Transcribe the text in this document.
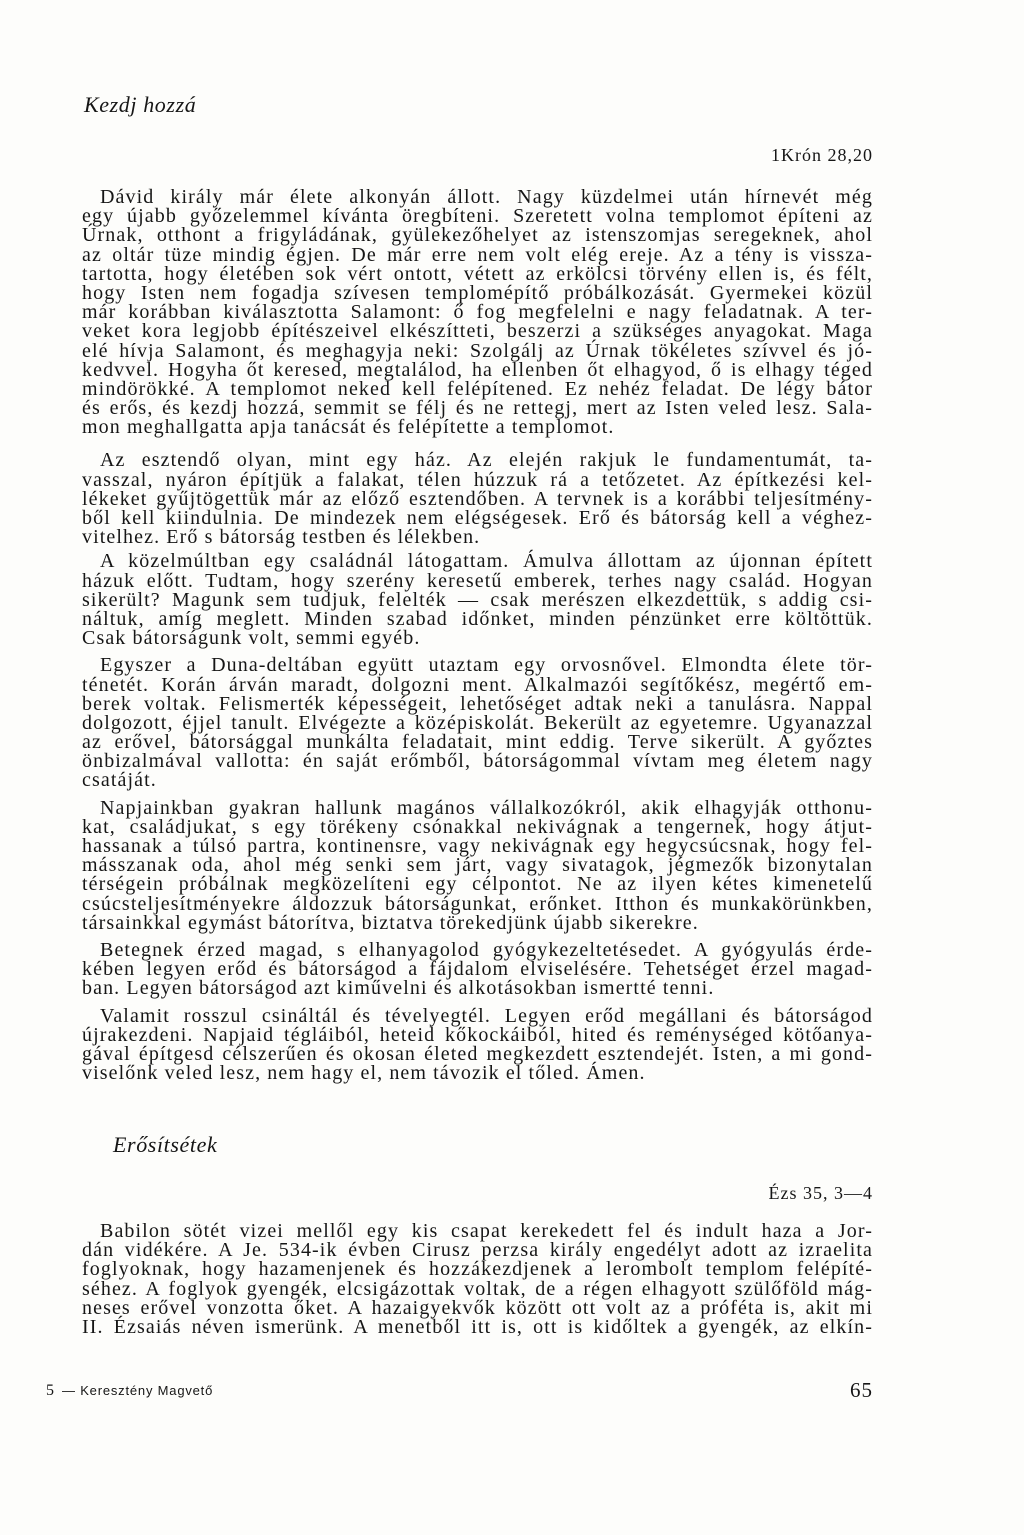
Kezdj hozzá
1Krón 28,20
Dávid király már élete alkonyán állott. Nagy küzdelmei után hírnevét még
egy újabb győzelemmel kívánta öregbíteni. Szeretett volna templomot építeni az
Úrnak, otthont a frigyládának, gyülekezőhelyet az istenszomjas seregeknek, ahol
az oltár tüze mindig égjen. De már erre nem volt elég ereje. Az a tény is vissza-
tartotta, hogy életében sok vért ontott, vétett az erkölcsi törvény ellen is, és félt,
hogy Isten nem fogadja szívesen templomépítő próbálkozását. Gyermekei közül
már korábban kiválasztotta Salamont: ő fog megfelelni e nagy feladatnak. A ter-
veket kora legjobb építészeivel elkészítteti, beszerzi a szükséges anyagokat. Maga
elé hívja Salamont, és meghagyja neki: Szolgálj az Úrnak tökéletes szívvel és jó-
kedvvel. Hogyha őt keresed, megtalálod, ha ellenben őt elhagyod, ő is elhagy téged
mindörökké. A templomot neked kell felépítened. Ez nehéz feladat. De légy bátor
és erős, és kezdj hozzá, semmit se félj és ne rettegj, mert az Isten veled lesz. Sala-
mon meghallgatta apja tanácsát és felépítette a templomot.
Az esztendő olyan, mint egy ház. Az elején rakjuk le fundamentumát, ta-
vasszal, nyáron építjük a falakat, télen húzzuk rá a tetőzetet. Az építkezési kel-
lékeket gyűjtögettük már az előző esztendőben. A tervnek is a korábbi teljesítmény-
ből kell kiindulnia. De mindezek nem elégségesek. Erő és bátorság kell a véghez-
vitelhez. Erő s bátorság testben és lélekben.
A közelmúltban egy családnál látogattam. Ámulva állottam az újonnan épített
házuk előtt. Tudtam, hogy szerény keresetű emberek, terhes nagy család. Hogyan
sikerült? Magunk sem tudjuk, felelték — csak merészen elkezdettük, s addig csi-
náltuk, amíg meglett. Minden szabad időnket, minden pénzünket erre költöttük.
Csak bátorságunk volt, semmi egyéb.
Egyszer a Duna-deltában együtt utaztam egy orvosnővel. Elmondta élete tör-
ténetét. Korán árván maradt, dolgozni ment. Alkalmazói segítőkész, megértő em-
berek voltak. Felismerték képességeit, lehetőséget adtak neki a tanulásra. Nappal
dolgozott, éjjel tanult. Elvégezte a középiskolát. Bekerült az egyetemre. Ugyanazzal
az erővel, bátorsággal munkálta feladatait, mint eddig. Terve sikerült. A győztes
önbizalmával vallotta: én saját erőmből, bátorságommal vívtam meg életem nagy
csatáját.
Napjainkban gyakran hallunk magános vállalkozókról, akik elhagyják otthonu-
kat, családjukat, s egy törékeny csónakkal nekivágnak a tengernek, hogy átjut-
hassanak a túlsó partra, kontinensre, vagy nekivágnak egy hegycsúcsnak, hogy fel-
másszanak oda, ahol még senki sem járt, vagy sivatagok, jégmezők bizonytalan
térségein próbálnak megközelíteni egy célpontot. Ne az ilyen kétes kimenetelű
csúcsteljesítményekre áldozzuk bátorságunkat, erőnket. Itthon és munkakörünkben,
társainkkal egymást bátorítva, biztatva törekedjünk újabb sikerekre.
Betegnek érzed magad, s elhanyagolod gyógykezeltetésedet. A gyógyulás érde-
kében legyen erőd és bátorságod a fájdalom elviselésére. Tehetséget érzel magad-
ban. Legyen bátorságod azt kiművelni és alkotásokban ismertté tenni.
Valamit rosszul csináltál és tévelyegtél. Legyen erőd megállani és bátorságod
újrakezdeni. Napjaid tégláiból, heteid kőkockáiból, hited és reménységed kötőanya-
gával építgesd célszerűen és okosan életed megkezdett esztendejét. Isten, a mi gond-
viselőnk veled lesz, nem hagy el, nem távozik el tőled. Ámen.
Erősítsétek
Ézs 35, 3—4
Babilon sötét vizei mellől egy kis csapat kerekedett fel és indult haza a Jor-
dán vidékére. A Je. 534-ik évben Cirusz perzsa király engedélyt adott az izraelita
foglyoknak, hogy hazamenjenek és hozzákezdjenek a lerombolt templom felépíté-
séhez. A foglyok gyengék, elcsigázottak voltak, de a régen elhagyott szülőföld mág-
neses erővel vonzotta őket. A hazaigyekvők között ott volt az a próféta is, akit mi
II. Ézsaiás néven ismerünk. A menetből itt is, ott is kidőltek a gyengék, az elkín-
5 — Keresztény Magvető	65
